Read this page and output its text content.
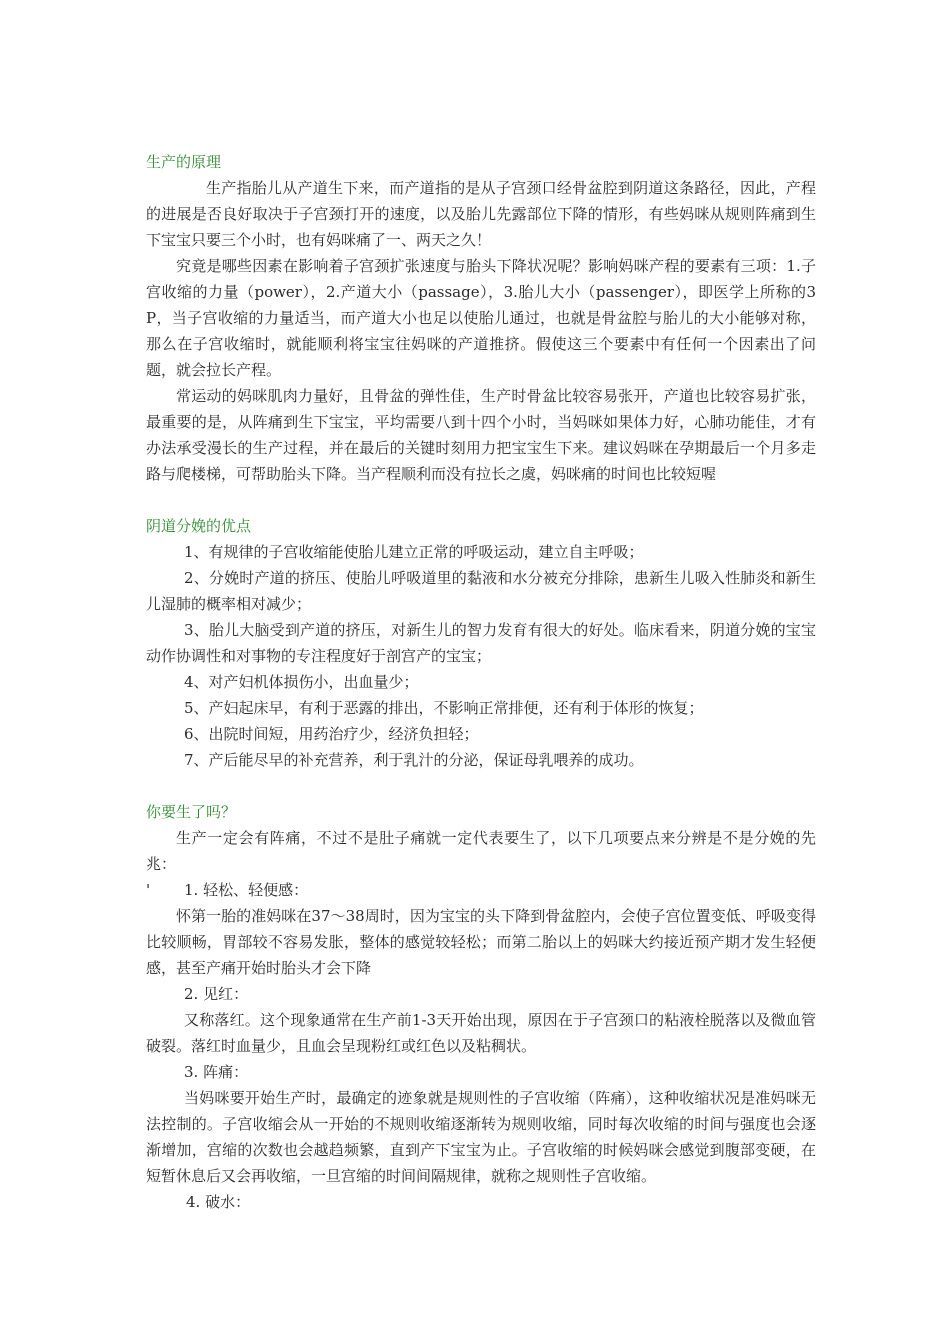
生产的原理

生产指胎儿从产道生下来，而产道指的是从子宫颈口经骨盆腔到阴道这条路径，因此，产程的进展是否良好取决于子宫颈打开的速度，以及胎儿先露部位下降的情形，有些妈咪从规则阵痛到生下宝宝只要三个小时，也有妈咪痛了一、两天之久！

究竟是哪些因素在影响着子宫颈扩张速度与胎头下降状况呢？影响妈咪产程的要素有三项：1.子宫收缩的力量（power），2.产道大小（passage），3.胎儿大小（passenger），即医学上所称的3P，当子宫收缩的力量适当，而产道大小也足以使胎儿通过，也就是骨盆腔与胎儿的大小能够对称，那么在子宫收缩时，就能顺利将宝宝往妈咪的产道推挤。假使这三个要素中有任何一个因素出了问题，就会拉长产程。

常运动的妈咪肌肉力量好，且骨盆的弹性佳，生产时骨盆比较容易张开，产道也比较容易扩张，最重要的是，从阵痛到生下宝宝，平均需要八到十四个小时，当妈咪如果体力好，心肺功能佳，才有办法承受漫长的生产过程，并在最后的关键时刻用力把宝宝生下来。建议妈咪在孕期最后一个月多走路与爬楼梯，可帮助胎头下降。当产程顺利而没有拉长之虞，妈咪痛的时间也比较短喔

阴道分娩的优点

1、有规律的子宫收缩能使胎儿建立正常的呼吸运动，建立自主呼吸；

2、分娩时产道的挤压、使胎儿呼吸道里的黏液和水分被充分排除，患新生儿吸入性肺炎和新生儿湿肺的概率相对减少；

3、胎儿大脑受到产道的挤压，对新生儿的智力发育有很大的好处。临床看来，阴道分娩的宝宝动作协调性和对事物的专注程度好于剖宫产的宝宝；

4、对产妇机体损伤小，出血量少；

5、产妇起床早，有利于恶露的排出，不影响正常排便，还有利于体形的恢复；

6、出院时间短，用药治疗少，经济负担轻；

7、产后能尽早的补充营养，利于乳汁的分泌，保证母乳喂养的成功。

你要生了吗？

生产一定会有阵痛，不过不是肚子痛就一定代表要生了，以下几项要点来分辨是不是分娩的先兆：

' 1. 轻松、轻便感：

怀第一胎的准妈咪在37～38周时，因为宝宝的头下降到骨盆腔内，会使子宫位置变低、呼吸变得比较顺畅，胃部较不容易发胀，整体的感觉较轻松；而第二胎以上的妈咪大约接近预产期才发生轻便感，甚至产痛开始时胎头才会下降

2. 见红：

又称落红。这个现象通常在生产前1-3天开始出现，原因在于子宫颈口的粘液栓脱落以及微血管破裂。落红时血量少，且血会呈现粉红或红色以及粘稠状。

3. 阵痛：

当妈咪要开始生产时，最确定的迹象就是规则性的子宫收缩（阵痛），这种收缩状况是准妈咪无法控制的。子宫收缩会从一开始的不规则收缩逐渐转为规则收缩，同时每次收缩的时间与强度也会逐渐增加，宫缩的次数也会越趋频繁，直到产下宝宝为止。子宫收缩的时候妈咪会感觉到腹部变硬，在短暂休息后又会再收缩，一旦宫缩的时间间隔规律，就称之规则性子宫收缩。

4. 破水：
